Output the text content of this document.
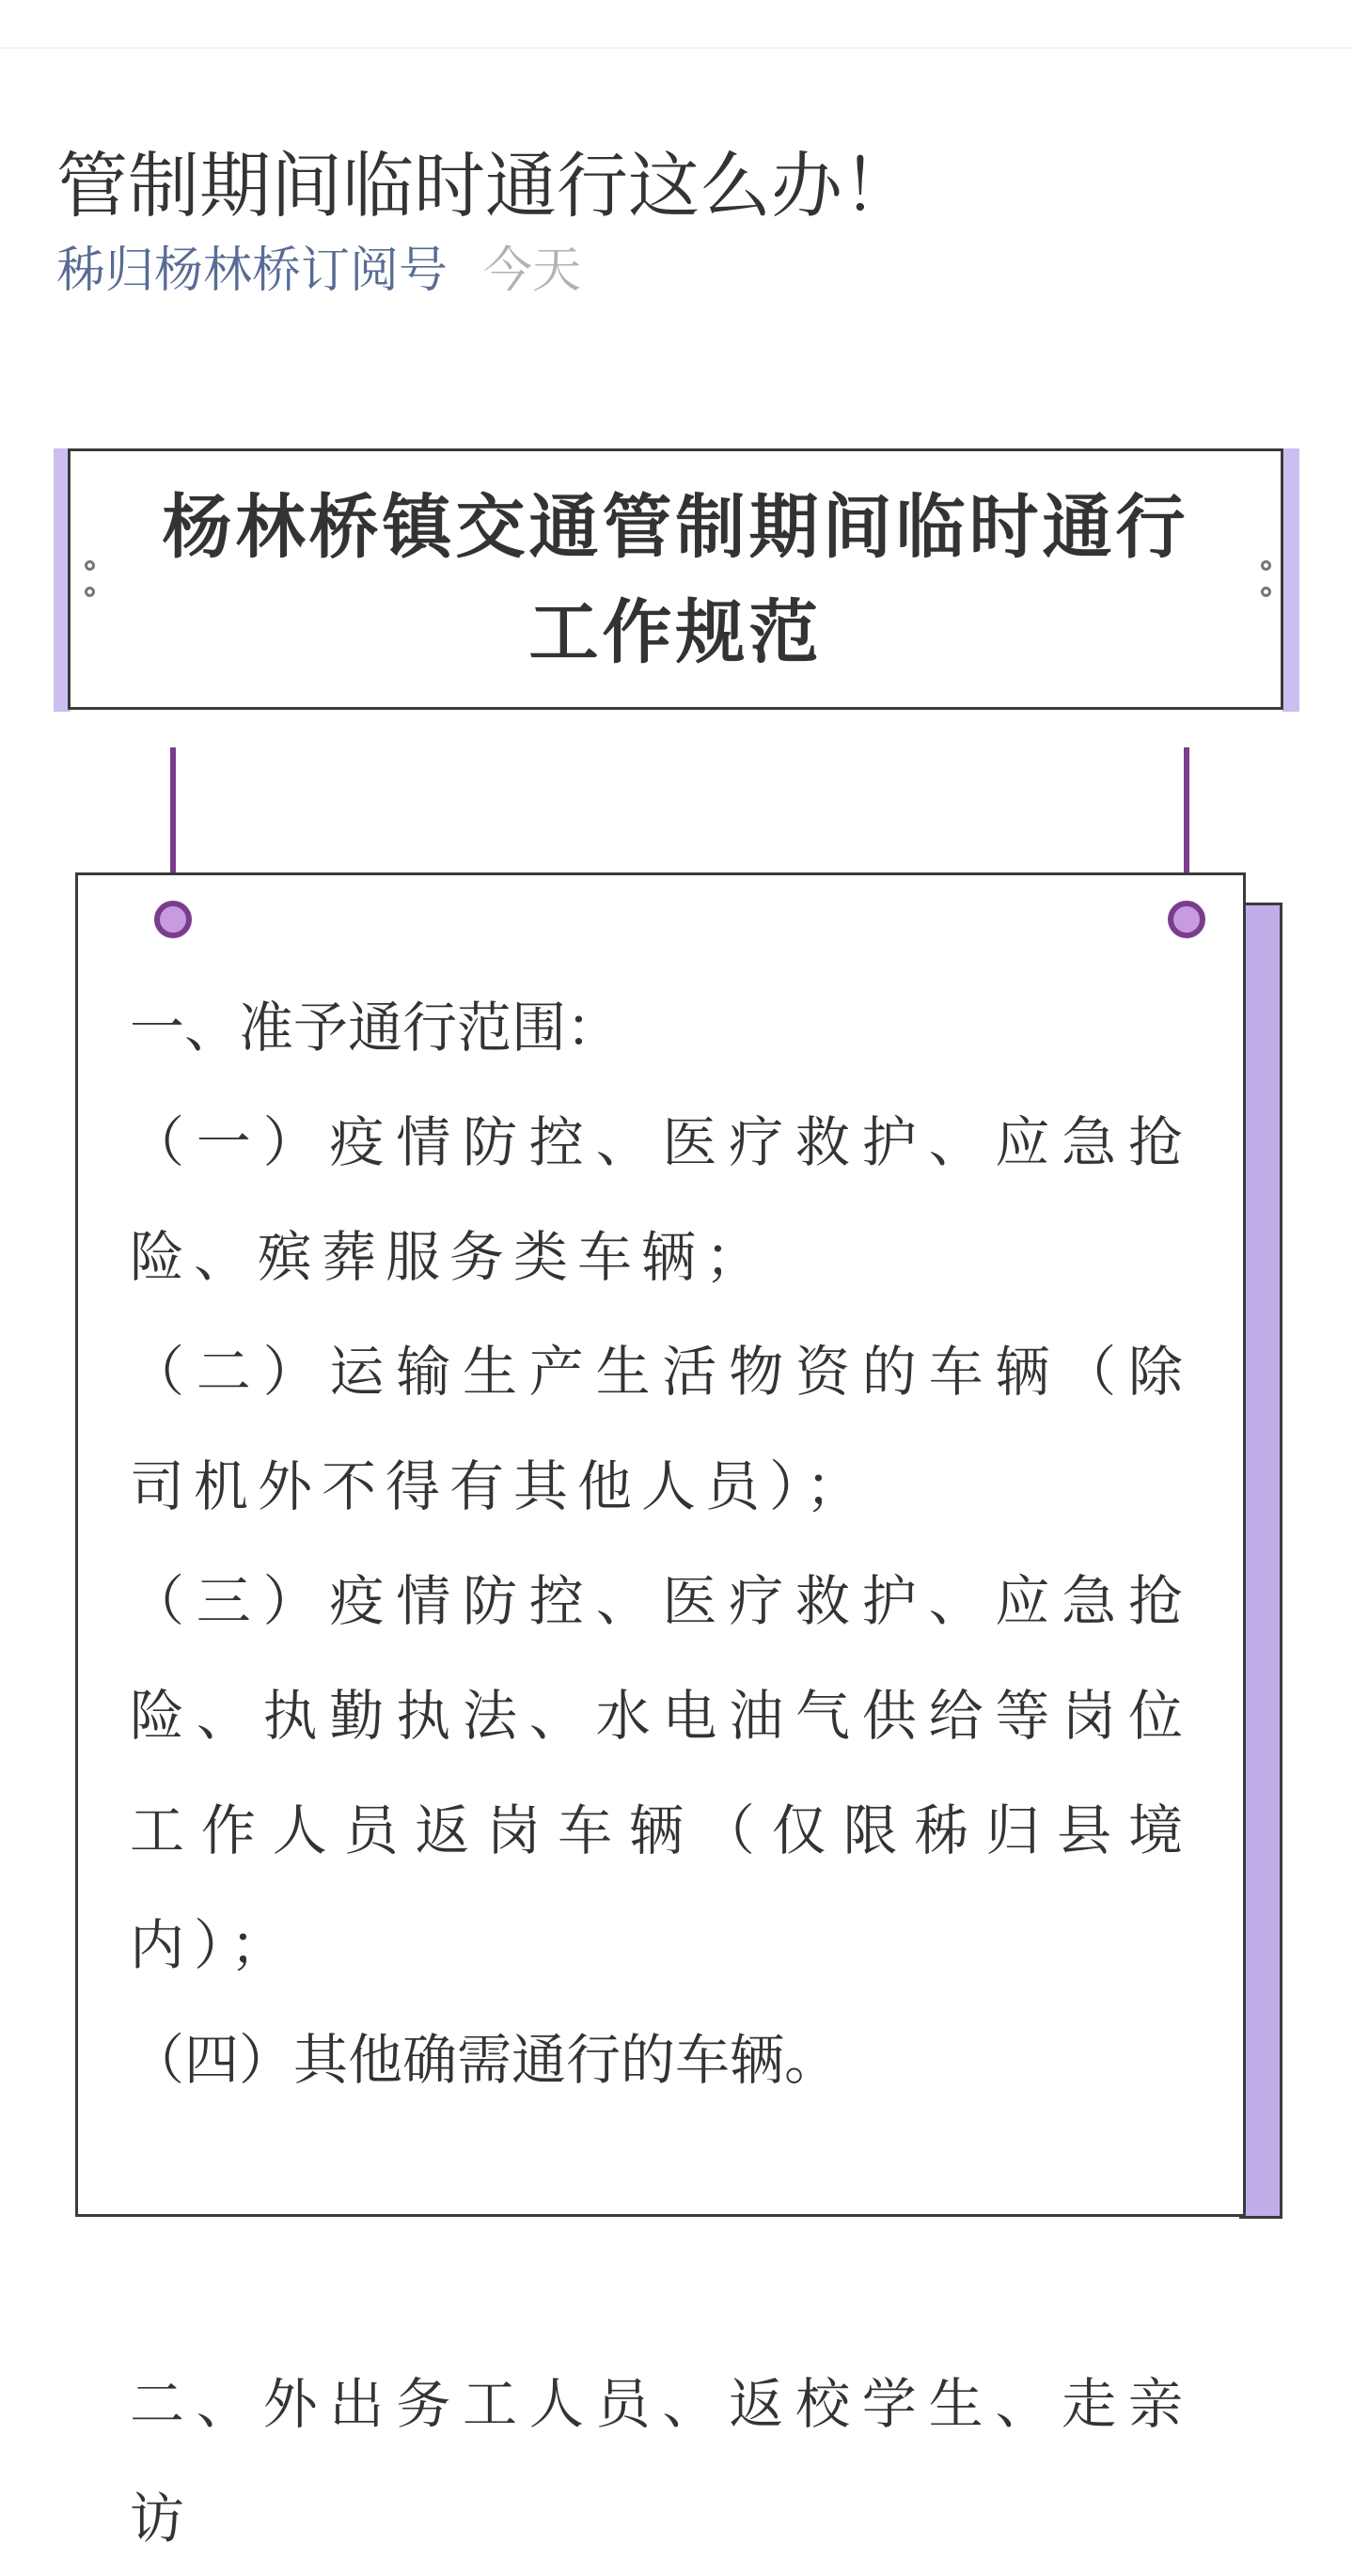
管制期间临时通行这么办！
秭归杨林桥订阅号 今天
杨林桥镇交通管制期间临时通行
工作规范

一、准予通行范围：

（一）疫情防控、医疗救护、应急抢险、殡葬服务类车辆；

（二）运输生产生活物资的车辆（除司机外不得有其他人员）；

（三）疫情防控、医疗救护、应急抢险、执勤执法、水电油气供给等岗位工作人员返岗车辆（仅限秭归县境内）；

（四）其他确需通行的车辆。

二、外出务工人员、返校学生、走亲访
